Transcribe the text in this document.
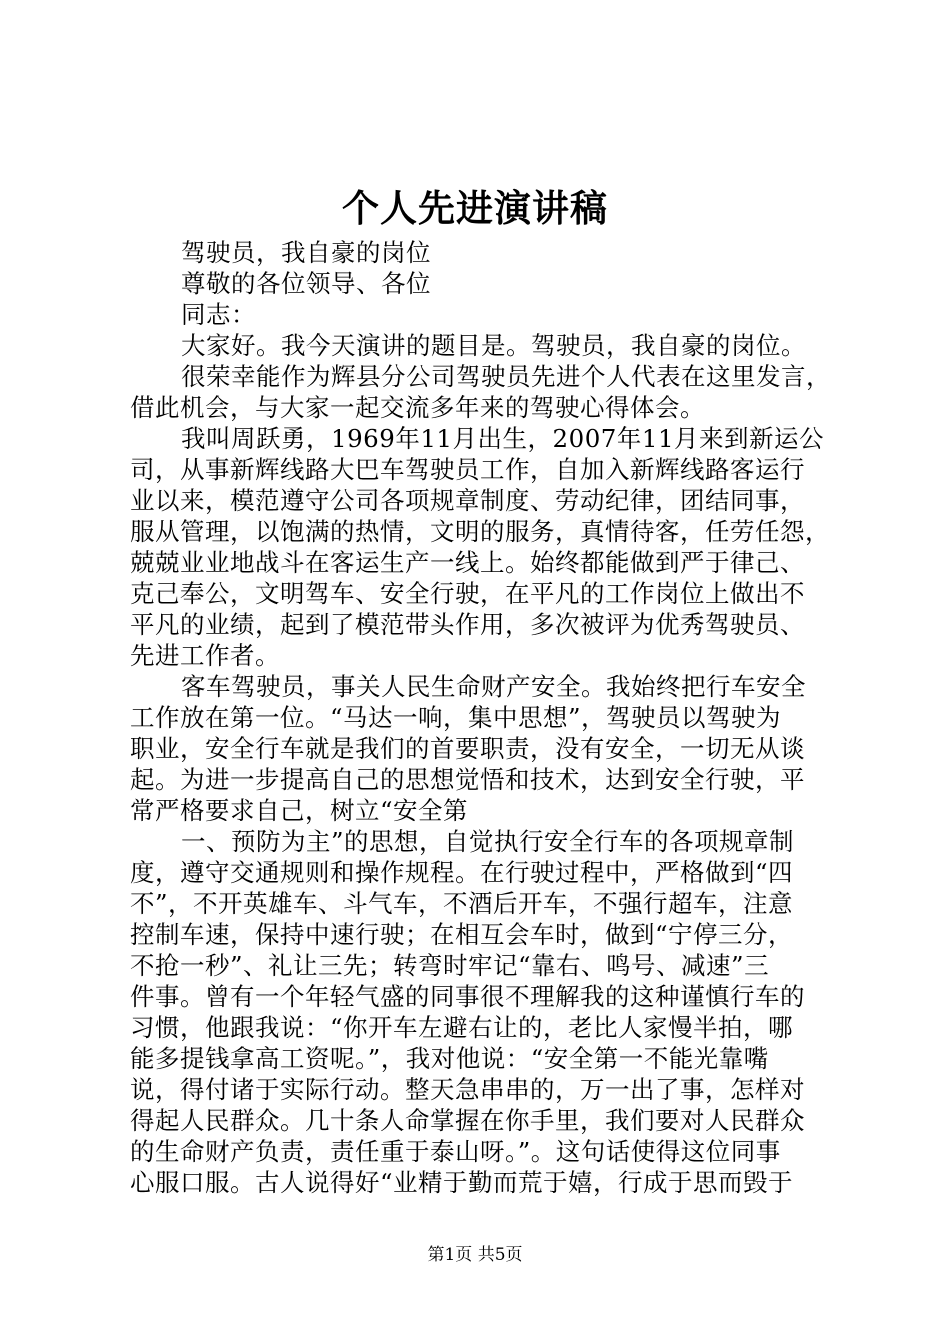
个人先进演讲稿
驾驶员，我自豪的岗位
尊敬的各位领导、各位
同志：
大家好。我今天演讲的题目是。驾驶员，我自豪的岗位。
很荣幸能作为辉县分公司驾驶员先进个人代表在这里发言，
借此机会，与大家一起交流多年来的驾驶心得体会。
我叫周跃勇，1969年11月出生，2007年11月来到新运公
司，从事新辉线路大巴车驾驶员工作，自加入新辉线路客运行
业以来，模范遵守公司各项规章制度、劳动纪律，团结同事，
服从管理，以饱满的热情，文明的服务，真情待客，任劳任怨，
兢兢业业地战斗在客运生产一线上。始终都能做到严于律己、
克己奉公，文明驾车、安全行驶，在平凡的工作岗位上做出不
平凡的业绩，起到了模范带头作用，多次被评为优秀驾驶员、
先进工作者。
客车驾驶员，事关人民生命财产安全。我始终把行车安全
工作放在第一位。“马达一响，集中思想”，驾驶员以驾驶为
职业，安全行车就是我们的首要职责，没有安全，一切无从谈
起。为进一步提高自己的思想觉悟和技术，达到安全行驶，平
常严格要求自己，树立“安全第
一、预防为主”的思想，自觉执行安全行车的各项规章制
度，遵守交通规则和操作规程。在行驶过程中，严格做到“四
不”，不开英雄车、斗气车，不酒后开车，不强行超车，注意
控制车速，保持中速行驶；在相互会车时，做到“宁停三分，
不抢一秒”、礼让三先；转弯时牢记“靠右、鸣号、减速”三
件事。曾有一个年轻气盛的同事很不理解我的这种谨慎行车的
习惯，他跟我说：“你开车左避右让的，老比人家慢半拍，哪
能多提钱拿高工资呢。”，我对他说：“安全第一不能光靠嘴
说，得付诸于实际行动。整天急串串的，万一出了事，怎样对
得起人民群众。几十条人命掌握在你手里，我们要对人民群众
的生命财产负责，责任重于泰山呀。”。这句话使得这位同事
心服口服。古人说得好“业精于勤而荒于嬉，行成于思而毁于
第1页 共5页
